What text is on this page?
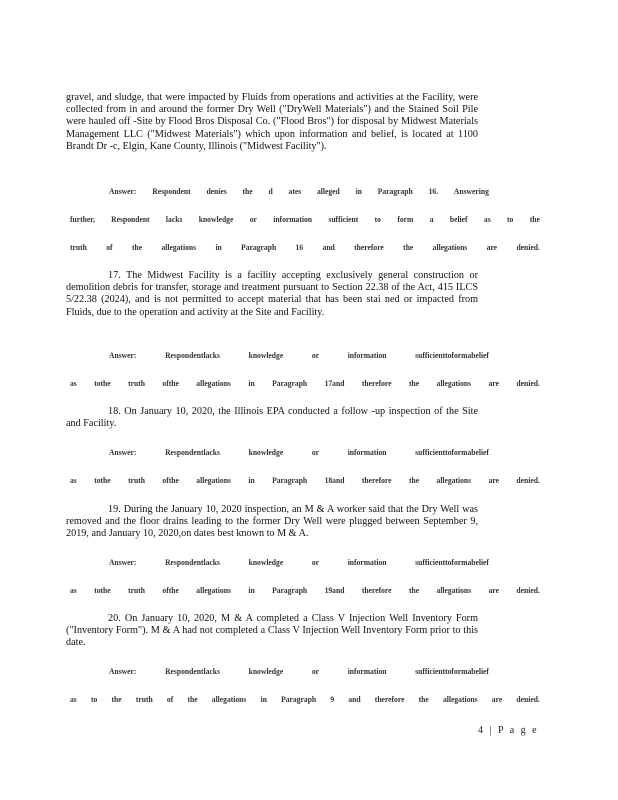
gravel, and sludge, that were impacted by Fluids from operations and activities at the Facility, were collected from in and around the former Dry Well ("DryWell Materials") and the Stained Soil Pile were hauled off -Site by Flood Bros Disposal Co. ("Flood Bros") for disposal by Midwest Materials Management LLC ("Midwest Materials") which upon information and belief, is located at 1100 Brandt Dr -c, Elgin, Kane County, Illinois ("Midwest Facility").
Answer: Respondent denies the d ates alleged in Paragraph 16. Answering
further, Respondent lacks knowledge or information sufficient to form a belief as to the
truth	of	the	allegations	in	Paragraph	16	and	therefore	the	allegations	are	denied.
17. The Midwest Facility is a facility accepting exclusively general construction or demolition debris for transfer, storage and treatment pursuant to Section 22.38 of the Act, 415 ILCS 5/22.38 (2024), and is not permitted to accept material that has been stai ned or impacted from Fluids, due to the operation and activity at the Site and Facility.
Answer:	Respondentlacks	knowledge	or	information	sufficienttoformabelief
as tothe truth ofthe allegations in Paragraph 17and therefore the allegations are denied.
18. On January 10, 2020, the Illinois EPA conducted a follow -up inspection of the Site and Facility.
Answer:	Respondentlacks	knowledge	or	information	sufficienttoformabelief
as tothe truth ofthe allegations in Paragraph 18and therefore the allegations are denied.
19. During the January 10, 2020 inspection, an M & A worker said that the Dry Well was removed and the floor drains leading to the former Dry Well were plugged between September 9, 2019, and January 10, 2020,on dates best known to M & A.
Answer:	Respondentlacks	knowledge	or	information	sufficienttoformabelief
as tothe truth ofthe allegations in Paragraph 19and therefore the allegations are denied.
20. On January 10, 2020, M & A completed a Class V Injection Well Inventory Form ("Inventory Form"). M & A had not completed a Class V Injection Well Inventory Form prior to this date.
Answer:	Respondentlacks	knowledge	or	information	sufficienttoformabelief
as to the truth of the allegations in Paragraph 9 and therefore the allegations are denied.
4 | P a g e
